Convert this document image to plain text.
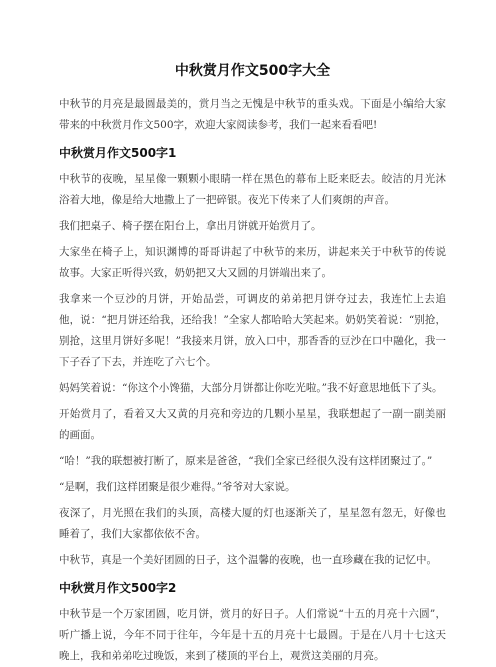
中秋赏月作文500字大全

中秋节的月亮是最圆最美的，赏月当之无愧是中秋节的重头戏。下面是小编给大家带来的中秋赏月作文500字，欢迎大家阅读参考，我们一起来看看吧!

中秋赏月作文500字1

中秋节的夜晚，星星像一颗颗小眼睛一样在黑色的幕布上眨来眨去。皎洁的月光沐浴着大地，像是给大地撒上了一把碎银。夜光下传来了人们爽朗的声音。

我们把桌子、椅子摆在阳台上，拿出月饼就开始赏月了。

大家坐在椅子上，知识渊博的哥哥讲起了中秋节的来历，讲起来关于中秋节的传说故事。大家正听得兴致，奶奶把又大又圆的月饼端出来了。

我拿来一个豆沙的月饼，开始品尝，可调皮的弟弟把月饼夺过去，我连忙上去追他，说：“把月饼还给我，还给我！”全家人都哈哈大笑起来。奶奶笑着说：“别抢，别抢，这里月饼好多呢！”我接来月饼，放入口中，那香香的豆沙在口中融化，我一下子吞了下去，并连吃了六七个。

妈妈笑着说：“你这个小馋猫，大部分月饼都让你吃光啦。”我不好意思地低下了头。

开始赏月了，看着又大又黄的月亮和旁边的几颗小星星，我联想起了一副一副美丽的画面。

“哈！”我的联想被打断了，原来是爸爸，“我们全家已经很久没有这样团聚过了。”

“是啊，我们这样团聚是很少难得。”爷爷对大家说。

夜深了，月光照在我们的头顶，高楼大厦的灯也逐渐关了，星星忽有忽无，好像也睡着了，我们大家都依依不舍。

中秋节，真是一个美好团圆的日子，这个温馨的夜晚，也一直珍藏在我的记忆中。

中秋赏月作文500字2

中秋节是一个万家团圆，吃月饼，赏月的好日子。人们常说“十五的月亮十六圆”，听广播上说，今年不同于往年，今年是十五的月亮十七最圆。于是在八月十七这天晚上，我和弟弟吃过晚饭，来到了楼顶的平台上，观赏这美丽的月亮。
